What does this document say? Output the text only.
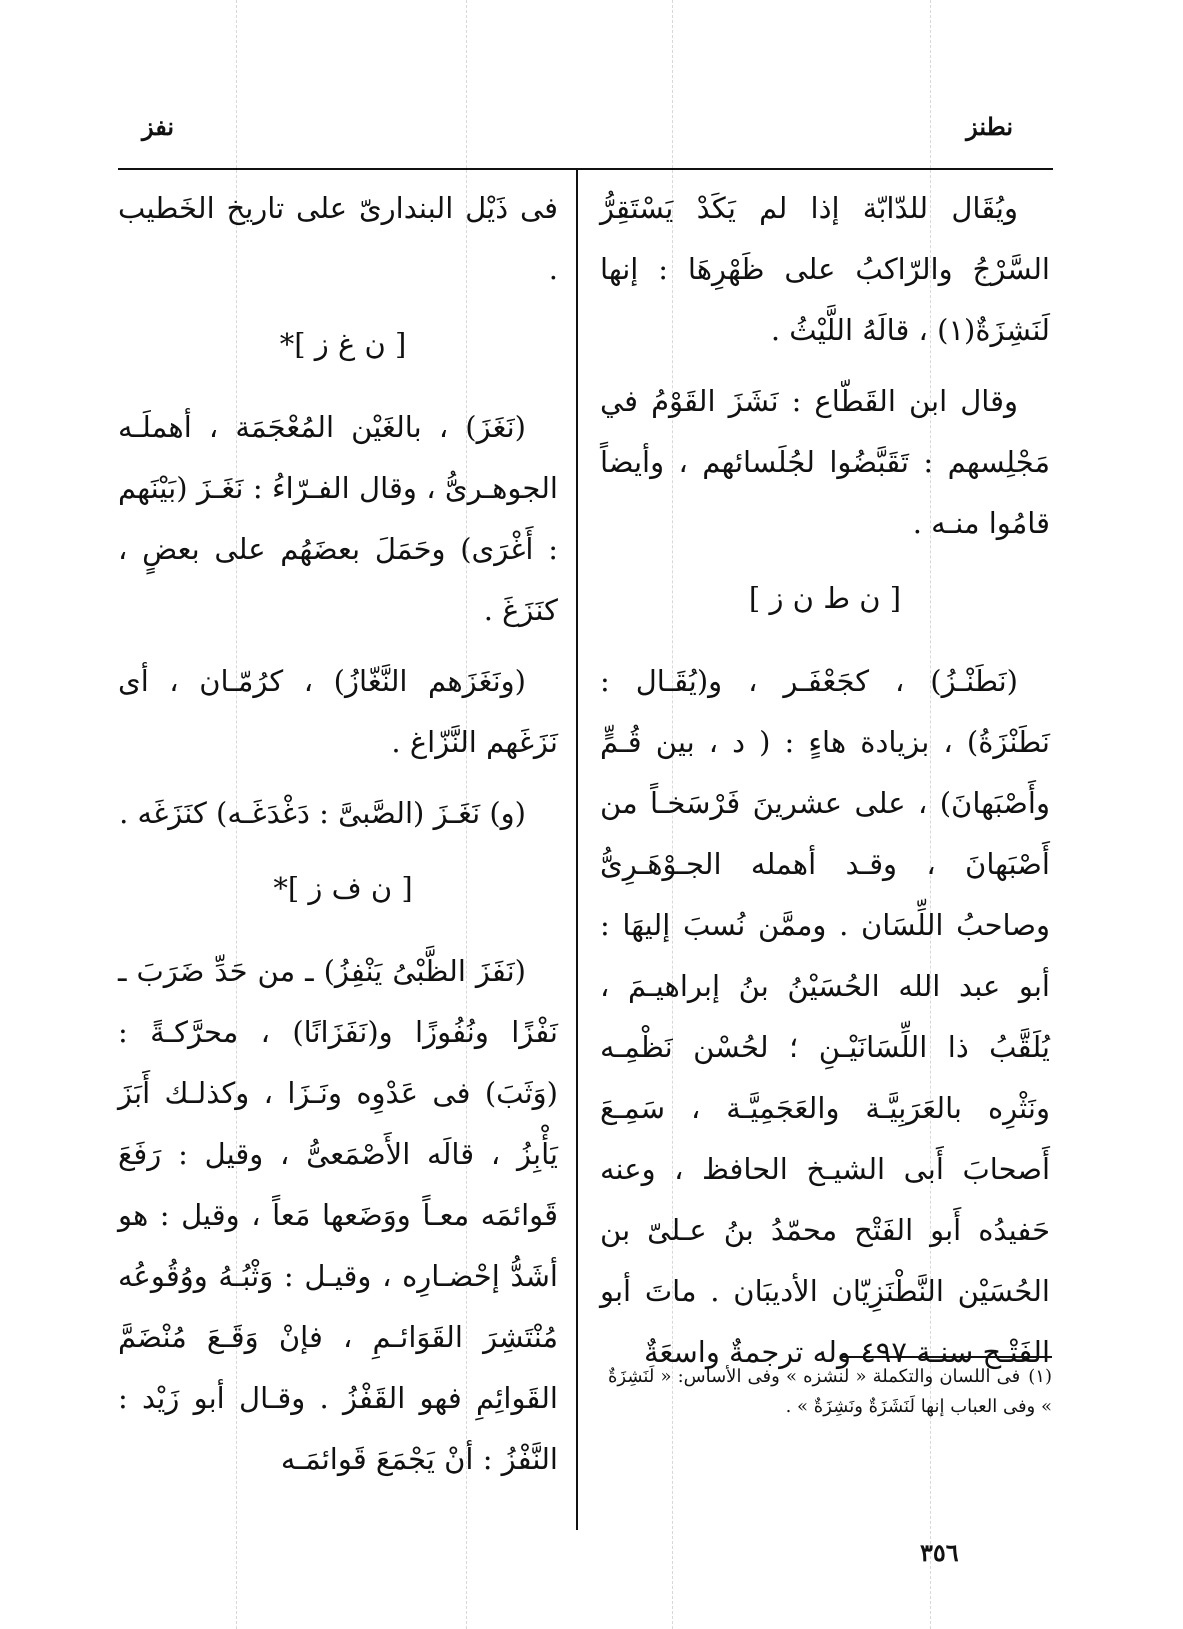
نطنز
نفز

ويُقَال للدّابّة إذا لم يَكَدْ يَسْتَقِرُّ السَّرْجُ والرّاكبُ على ظَهْرِهَا : إنها لَنَشِزَةٌ(١) ، قالَهُ اللَّيْثُ .

وقال ابن القَطّاع : نَشَزَ القَوْمُ في مَجْلِسهم : تَقَبَّضُوا لجُلَسائهم ، وأيضاً قامُوا منـه .

[ ن ط ن ز ]

(نَطَنْـزُ) ، كجَعْفَـر ، و(يُقَـال : نَطَنْزَةُ) ، بزيادة هاءٍ : ( د ، بين قُـمٍّ وأَصْبَهانَ) ، على عشرينَ فَرْسَخـاً من أَصْبَهانَ ، وقـد أهمله الجـوْهَـرِىُّ وصاحبُ اللِّسَان . وممَّن نُسبَ إليهَا : أبو عبد الله الحُسَيْنُ بنُ إبراهيـمَ ، يُلَقَّبُ ذا اللِّسَانَيْـنِ ؛ لحُسْن نَظْمِـه ونَثْرِه بالعَرَبِيَّـة والعَجَمِيَّـة ، سَمِـعَ أَصحابَ أَبى الشيـخ الحافظ ، وعنه حَفيدُه أَبو الفَتْح محمّدُ بنُ عـلىّ بن الحُسَيْن النَّطْنَزِيّان الأديبَان . ماتَ أبو الفَتْـح سنـة ٤٩٧ وله ترجمةٌ واسعَةٌ

(١)فى اللسان والتكملة « لنشزه » وفى الأساس: « لَنَشِزَةٌ » وفى العباب إنها لَنَشَزَةٌ ونَشِزَةٌ » .

فى ذَيْل البندارىّ على تاريخ الخَطيب .

[ ن غ ز ]*

(نَغَزَ) ، بالغَيْن المُعْجَمَة ، أهملَـه الجوهـرىُّ ، وقال الفـرّاءُ : نَغَـزَ (بَيْنَهم : أَغْرَى) وحَمَلَ بعضَهُم على بعضٍ ، كنَزَغَ .

(ونَغَزَهم النَّغّازُ) ، كرُمّـان ، أى نَزَغَهم النَّزّاغ .

(و) نَغَـزَ (الصَّبىَّ : دَغْدَغَـه) كنَزَغَه .

[ ن ف ز ]*

(نَفَزَ الظَّبْىُ يَنْفِزُ) ـ من حَدِّ ضَرَبَ ـ نَفْزًا ونُفُوزًا و(نَفَزَانًا) ، محرَّكـةً : (وَثَبَ) فى عَدْوِه ونَـزَا ، وكذلـك أَبَزَ يَأْبِزُ ، قالَه الأَصْمَعىُّ ، وقيل : رَفَعَ قَوائمَه معـاً ووَضَعها مَعاً ، وقيل : هو أشَدُّ إحْضـارِه ، وقيـل : وَثْبُـهُ ووُقُوعُه مُنْتَشِرَ القَوَائـمِ ، فإنْ وَقَـعَ مُنْضَمَّ القَوائِمِ فهو القَفْزُ . وقـال أبو زَيْد : النَّفْزُ : أنْ يَجْمَعَ قَوائمَـه

٣٥٦
